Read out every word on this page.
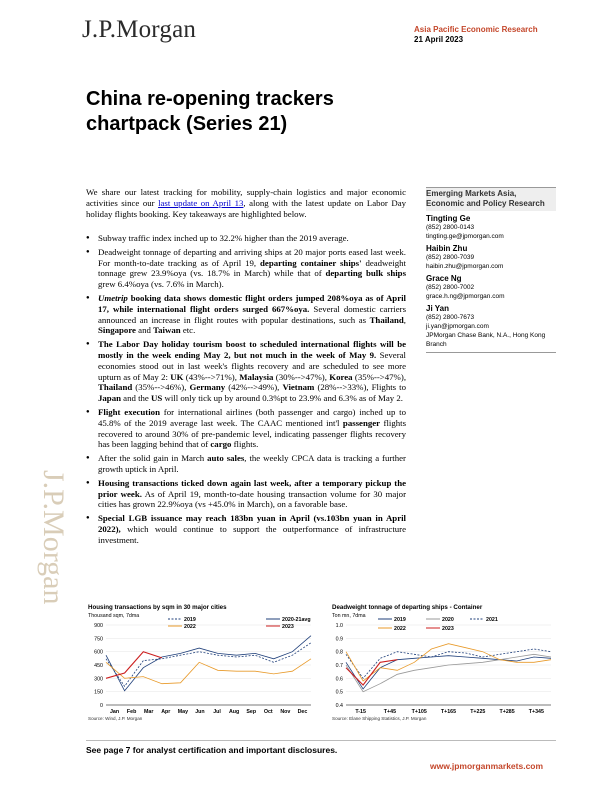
J.P.Morgan	Asia Pacific Economic Research
21 April 2023
China re-opening trackers chartpack (Series 21)
We share our latest tracking for mobility, supply-chain logistics and major economic activities since our last update on April 13, along with the latest update on Labor Day holiday flights booking. Key takeaways are highlighted below.
● Subway traffic index inched up to 32.2% higher than the 2019 average.
● Deadweight tonnage of departing and arriving ships at 20 major ports eased last week. For month-to-date tracking as of April 19, departing container ships' deadweight tonnage grew 23.9%oya (vs. 18.7% in March) while that of departing bulk ships grew 6.4%oya (vs. 7.6% in March).
● Umetrip booking data shows domestic flight orders jumped 208%oya as of April 17, while international flight orders surged 667%oya. Several domestic carriers announced an increase in flight routes with popular destinations, such as Thailand, Singapore and Taiwan etc.
● The Labor Day holiday tourism boost to scheduled international flights will be mostly in the week ending May 2, but not much in the week of May 9. Several economies stood out in last week's flights recovery and are scheduled to see more upturn as of May 2: UK (43%-->71%), Malaysia (30%-->47%), Korea (35%-->47%), Thailand (35%-->46%), Germany (42%-->49%), Vietnam (28%-->33%), Flights to Japan and the US will only tick up by around 0.3%pt to 23.9% and 6.3% as of May 2.
● Flight execution for international airlines (both passenger and cargo) inched up to 45.8% of the 2019 average last week. The CAAC mentioned int'l passenger flights recovered to around 30% of pre-pandemic level, indicating passenger flights recovery has been lagging behind that of cargo flights.
● After the solid gain in March auto sales, the weekly CPCA data is tracking a further growth uptick in April.
● Housing transactions ticked down again last week, after a temporary pickup the prior week. As of April 19, month-to-date housing transaction volume for 30 major cities has grown 22.9%oya (vs +45.0% in March), on a favorable base.
● Special LGB issuance may reach 183bn yuan in April (vs.103bn yuan in April 2022), which would continue to support the outperformance of infrastructure investment.
Emerging Markets Asia, Economic and Policy Research
Tingting Ge
(852) 2800-0143
tingting.ge@jpmorgan.com
Haibin Zhu
(852) 2800-7039
haibin.zhu@jpmorgan.com
Grace Ng
(852) 2800-7002
grace.h.ng@jpmorgan.com
Ji Yan
(852) 2800-7673
ji.yan@jpmorgan.com
JPMorgan Chase Bank, N.A., Hong Kong Branch
J.P.Morgan
Housing transactions by sqm in 30 major cities
Thousand sqm, 7dma
0
150
300
450
600
750
900
Jan Feb Mar Apr May Jun Jul Aug Sep Oct Nov Dec
2019	2020-21avg
2022	2023
Source: Wind, J.P. Morgan
Deadweight tonnage of departing ships - Container
Ton mn, 7dma
0.4
0.5
0.6
0.7
0.8
0.9
1.0
T-15	T+45	T+105	T+165	T+225	T+285	T+345
2019	2020	2021
2022	2023
Source: Elane Shipping Statistics, J.P. Morgan
See page 7 for analyst certification and important disclosures.
www.jpmorganmarkets.com
